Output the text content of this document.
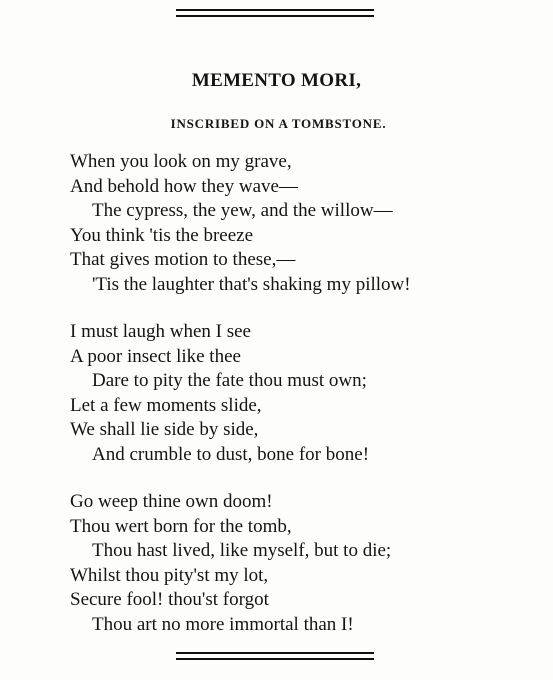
MEMENTO MORI,
INSCRIBED ON A TOMBSTONE.
When you look on my grave,
And behold how they wave—
The cypress, the yew, and the willow—
You think 'tis the breeze
That gives motion to these,—
'Tis the laughter that's shaking my pillow!
I must laugh when I see
A poor insect like thee
Dare to pity the fate thou must own;
Let a few moments slide,
We shall lie side by side,
And crumble to dust, bone for bone!
Go weep thine own doom!
Thou wert born for the tomb,
Thou hast lived, like myself, but to die;
Whilst thou pity'st my lot,
Secure fool! thou'st forgot
Thou art no more immortal than I!
